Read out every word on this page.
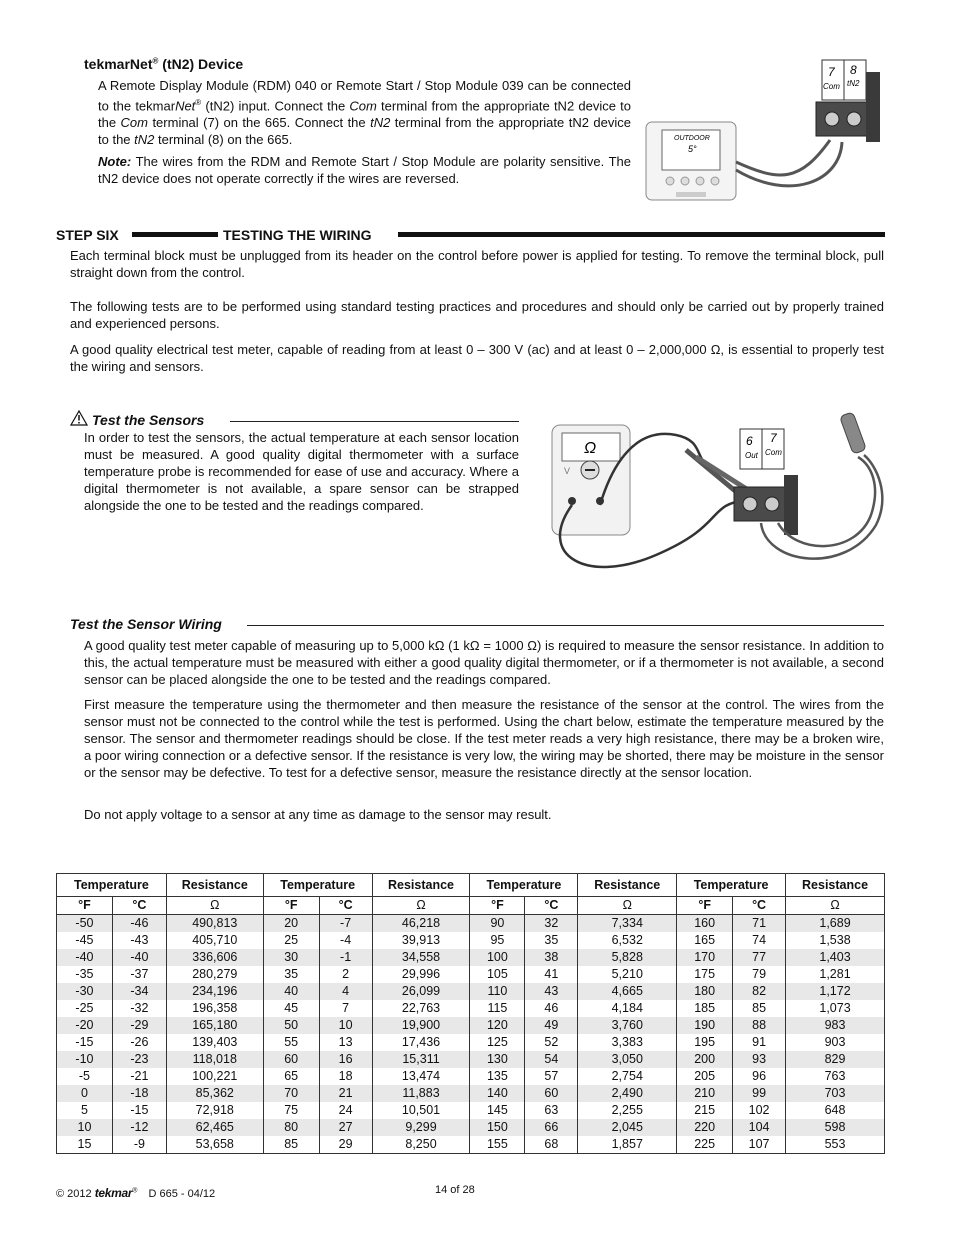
tekmarNet® (tN2) Device

A Remote Display Module (RDM) 040 or Remote Start / Stop Module 039 can be connected to the tekmarNet® (tN2) input. Connect the Com terminal from the appropriate tN2 device to the Com terminal (7) on the 665. Connect the tN2 terminal from the appropriate tN2 device to the tN2 terminal (8) on the 665.

Note: The wires from the RDM and Remote Start / Stop Module are polarity sensitive. The tN2 device does not operate correctly if the wires are reversed.

OUTDOOR
5°
7 8
Com tN2
STEP SIX	TESTING THE WIRING

Each terminal block must be unplugged from its header on the control before power is applied for testing. To remove the terminal block, pull straight down from the control.

The following tests are to be performed using standard testing practices and procedures and should only be carried out by properly trained and experienced persons.

A good quality electrical test meter, capable of reading from at least 0 – 300 V (ac) and at least 0 – 2,000,000 Ω, is essential to properly test the wiring and sensors.

Test the Sensors

In order to test the sensors, the actual temperature at each sensor location must be measured. A good quality digital thermometer with a surface temperature probe is recommended for ease of use and accuracy. Where a digital thermometer is not available, a spare sensor can be strapped alongside the one to be tested and the readings compared.

Ω
V
6 7
Out Com
Test the Sensor Wiring

A good quality test meter capable of measuring up to 5,000 kΩ (1 kΩ = 1000 Ω) is required to measure the sensor resistance. In addition to this, the actual temperature must be measured with either a good quality digital thermometer, or if a thermometer is not available, a second sensor can be placed alongside the one to be tested and the readings compared.

First measure the temperature using the thermometer and then measure the resistance of the sensor at the control. The wires from the sensor must not be connected to the control while the test is performed. Using the chart below, estimate the temperature measured by the sensor. The sensor and thermometer readings should be close. If the test meter reads a very high resistance, there may be a broken wire, a poor wiring connection or a defective sensor. If the resistance is very low, the wiring may be shorted, there may be moisture in the sensor or the sensor may be defective. To test for a defective sensor, measure the resistance directly at the sensor location.

Do not apply voltage to a sensor at any time as damage to the sensor may result.

Temperature		Resistance	Temperature		Resistance	Temperature		Resistance	Temperature		Resistance
°F	°C	Ω	°F	°C	Ω	°F	°C	Ω	°F	°C	Ω
-50	-46	490,813	20	-7	46,218	90	32	7,334	160	71	1,689
-45	-43	405,710	25	-4	39,913	95	35	6,532	165	74	1,538
-40	-40	336,606	30	-1	34,558	100	38	5,828	170	77	1,403
-35	-37	280,279	35	2	29,996	105	41	5,210	175	79	1,281
-30	-34	234,196	40	4	26,099	110	43	4,665	180	82	1,172
-25	-32	196,358	45	7	22,763	115	46	4,184	185	85	1,073
-20	-29	165,180	50	10	19,900	120	49	3,760	190	88	983
-15	-26	139,403	55	13	17,436	125	52	3,383	195	91	903
-10	-23	118,018	60	16	15,311	130	54	3,050	200	93	829
-5	-21	100,221	65	18	13,474	135	57	2,754	205	96	763
0	-18	85,362	70	21	11,883	140	60	2,490	210	99	703
5	-15	72,918	75	24	10,501	145	63	2,255	215	102	648
10	-12	62,465	80	27	9,299	150	66	2,045	220	104	598
15	-9	53,658	85	29	8,250	155	68	1,857	225	107	553
© 2012 tekmar® D 665 - 04/12	14 of 28
